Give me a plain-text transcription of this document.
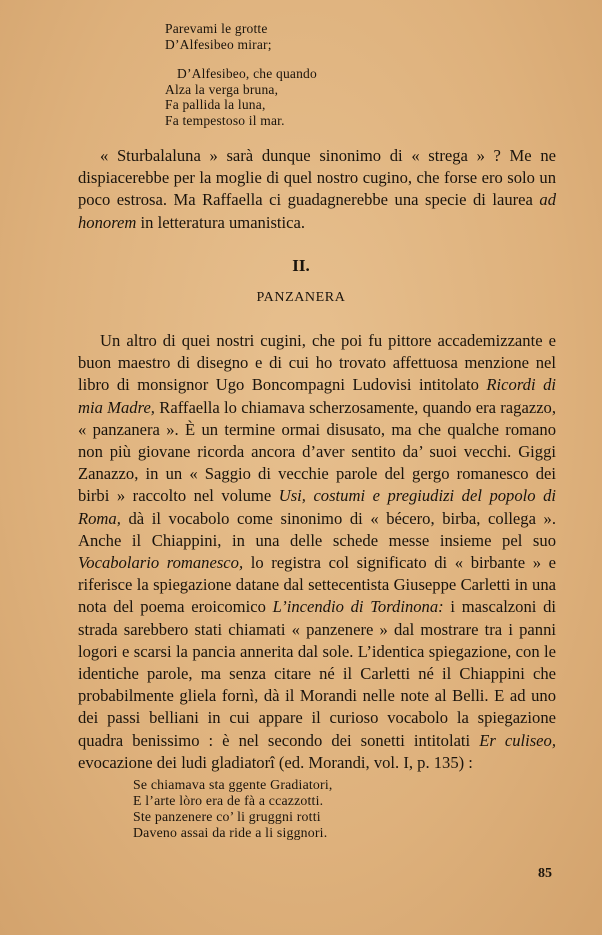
Parevami le grotte
D’Alfesibeo mirar;
D’Alfesibeo, che quando
Alza la verga bruna,
Fa pallida la luna,
Fa tempestoso il mar.

« Sturbalaluna » sarà dunque sinonimo di « strega » ? Me ne dispiacerebbe per la moglie di quel nostro cugino, che forse ero solo un poco estrosa. Ma Raffaella ci guadagnerebbe una specie di laurea ad honorem in letteratura umanistica.

II.
PANZANERA

Un altro di quei nostri cugini, che poi fu pittore accademizzante e buon maestro di disegno e di cui ho trovato affettuosa menzione nel libro di monsignor Ugo Boncompagni Ludovisi intitolato Ricordi di mia Madre, Raffaella lo chiamava scherzosamente, quando era ragazzo, « panzanera ». È un termine ormai disusato, ma che qualche romano non più giovane ricorda ancora d’aver sentito da’ suoi vecchi. Giggi Zanazzo, in un « Saggio di vecchie parole del gergo romanesco dei birbi » raccolto nel volume Usi, costumi e pregiudizi del popolo di Roma, dà il vocabolo come sinonimo di « bécero, birba, collega ». Anche il Chiappini, in una delle schede messe insieme pel suo Vocabolario romanesco, lo registra col significato di « birbante » e riferisce la spiegazione datane dal settecentista Giuseppe Carletti in una nota del poema eroicomico L’incendio di Tordinona: i mascalzoni di strada sarebbero stati chiamati « panzenere » dal mostrare tra i panni logori e scarsi la pancia annerita dal sole. L’identica spiegazione, con le identiche parole, ma senza citare né il Carletti né il Chiappini che probabilmente gliela fornì, dà il Morandi nelle note al Belli. E ad uno dei passi belliani in cui appare il curioso vocabolo la spiegazione quadra benissimo : è nel secondo dei sonetti intitolati Er culiseo, evocazione dei ludi gladiatorî (ed. Morandi, vol. I, p. 135) :

Se chiamava sta ggente Gradiatori,
E l’arte lòro era de fà a ccazzotti.
Ste panzenere co’ li gruggni rotti
Daveno assai da ride a li siggnori.
85
